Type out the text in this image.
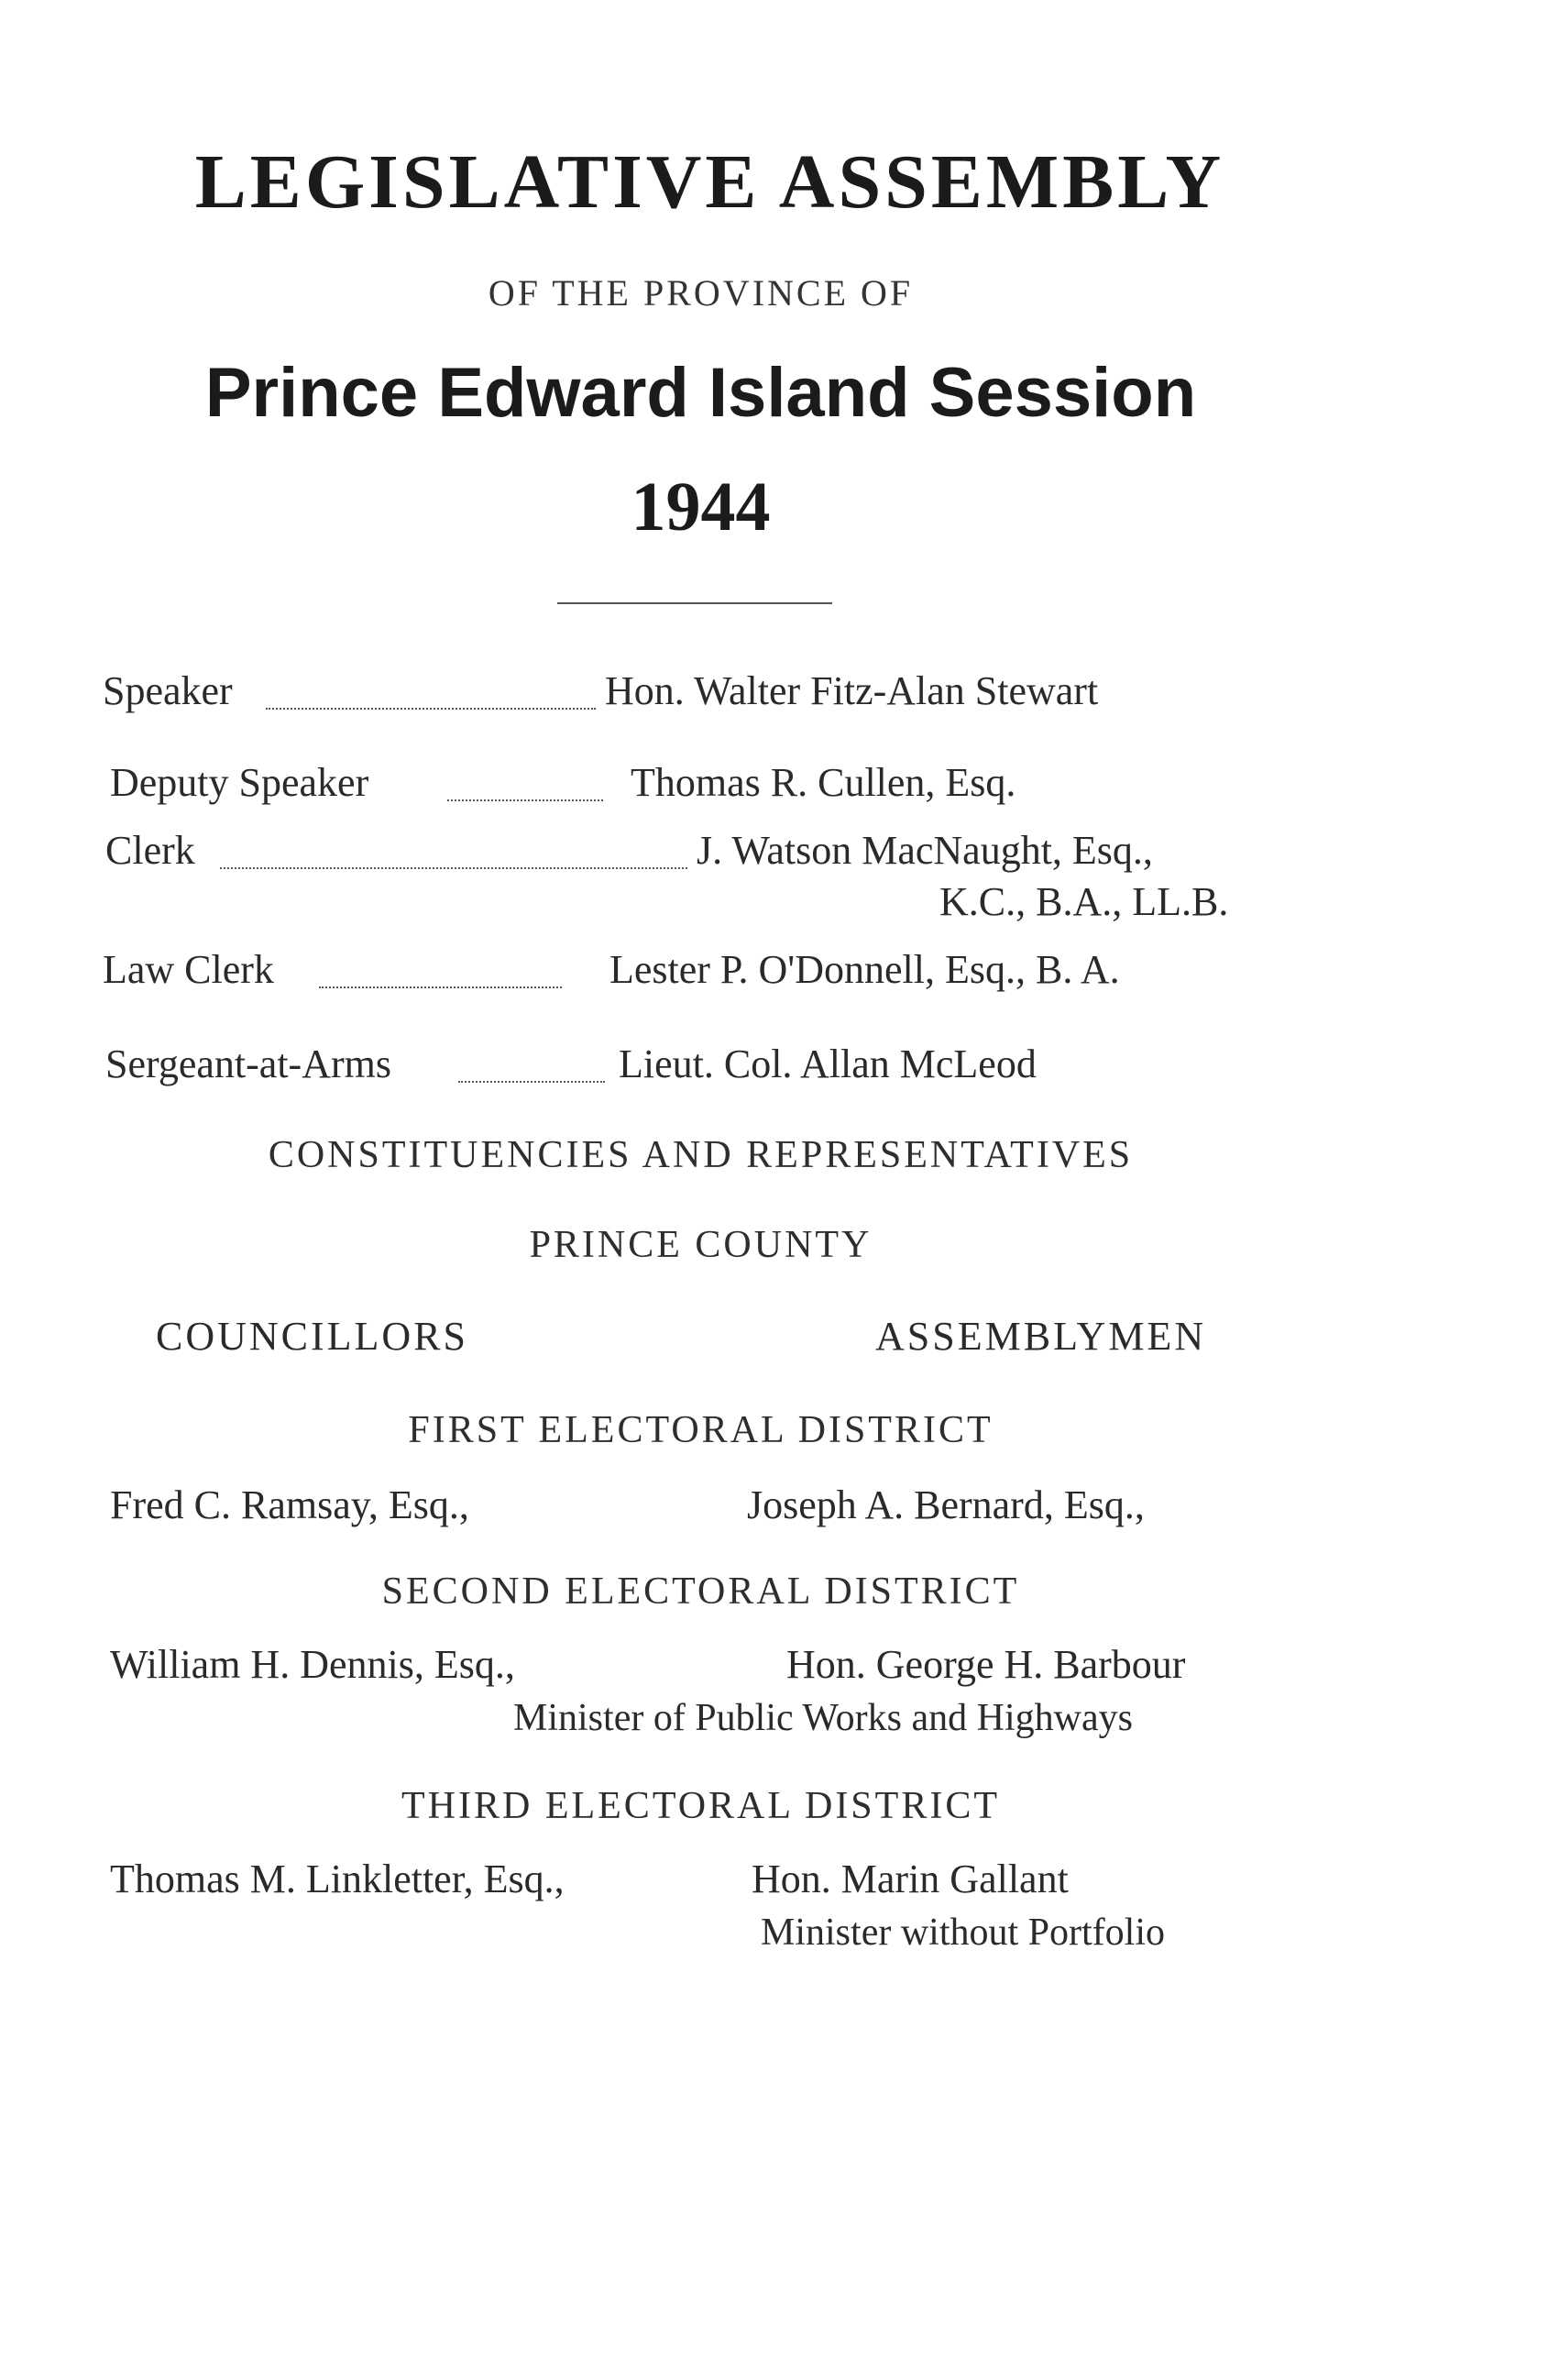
LEGISLATIVE ASSEMBLY
OF THE PROVINCE OF
Prince Edward Island Session
1944
Speaker	Hon. Walter Fitz-Alan Stewart
Deputy Speaker	Thomas R. Cullen, Esq.
Clerk	J. Watson MacNaught, Esq.,
K.C., B.A., LL.B.
Law Clerk	Lester P. O'Donnell, Esq., B. A.
Sergeant-at-Arms	Lieut. Col. Allan McLeod
CONSTITUENCIES AND REPRESENTATIVES
PRINCE COUNTY
COUNCILLORS	ASSEMBLYMEN
FIRST ELECTORAL DISTRICT
Fred C. Ramsay, Esq.,	Joseph A. Bernard, Esq.,
SECOND ELECTORAL DISTRICT
William H. Dennis, Esq.,	Hon. George H. Barbour
Minister of Public Works and Highways
THIRD ELECTORAL DISTRICT
Thomas M. Linkletter, Esq.,	Hon. Marin Gallant
Minister without Portfolio
